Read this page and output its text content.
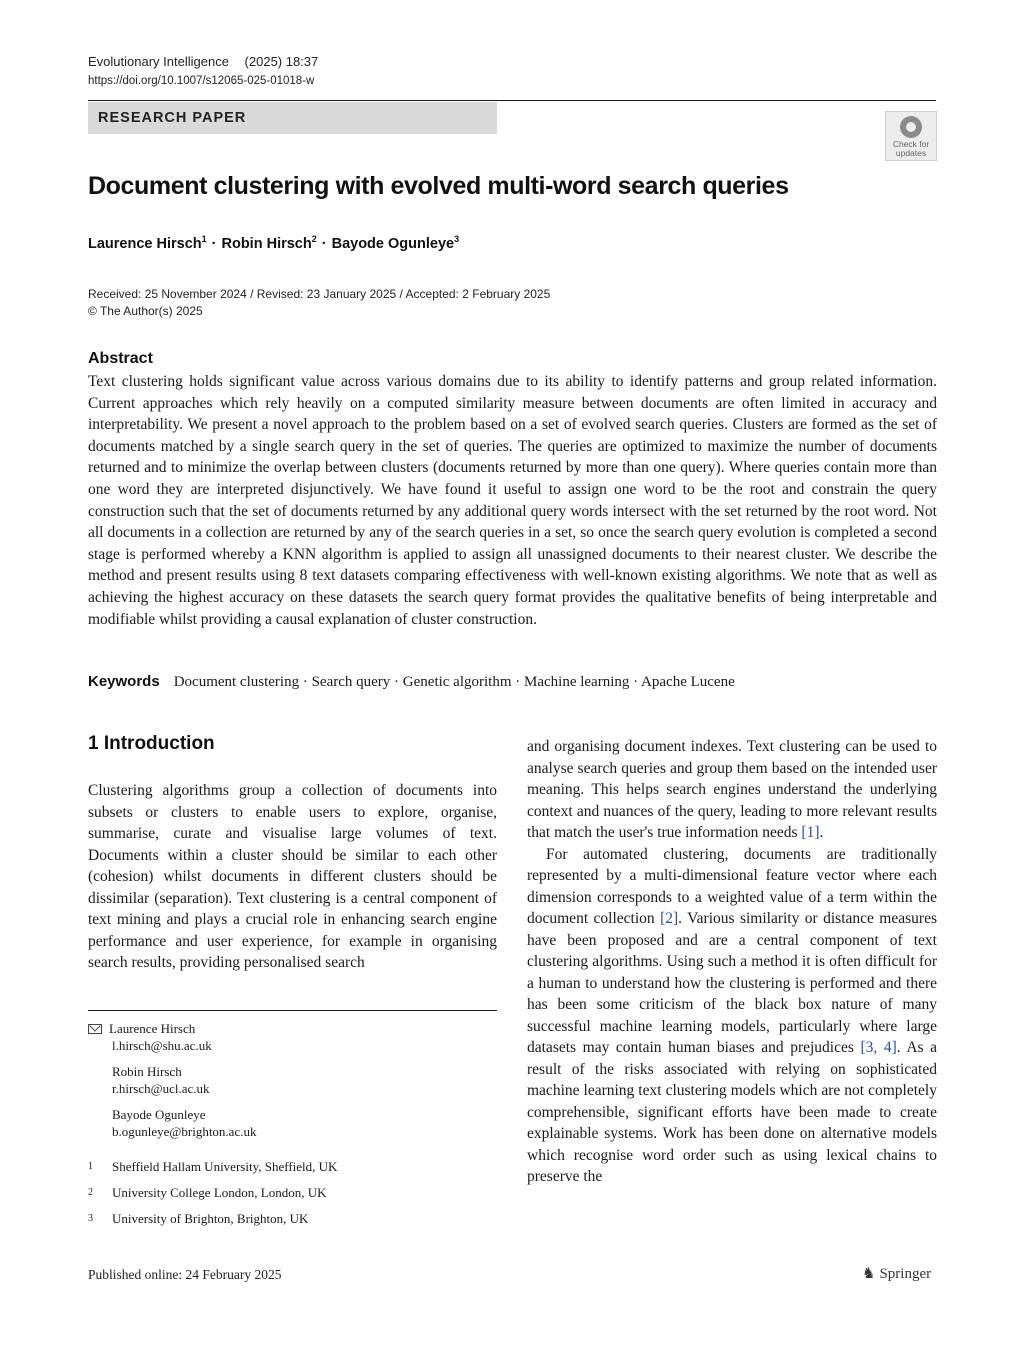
Evolutionary Intelligence (2025) 18:37
https://doi.org/10.1007/s12065-025-01018-w
RESEARCH PAPER
Check for updates
Document clustering with evolved multi-word search queries
Laurence Hirsch$^1$ · Robin Hirsch$^2$ · Bayode Ogunleye$^3$
Received: 25 November 2024 / Revised: 23 January 2025 / Accepted: 2 February 2025
© The Author(s) 2025
Abstract

Text clustering holds significant value across various domains due to its ability to identify patterns and group related information. Current approaches which rely heavily on a computed similarity measure between documents are often limited in accuracy and interpretability. We present a novel approach to the problem based on a set of evolved search queries. Clusters are formed as the set of documents matched by a single search query in the set of queries. The queries are optimized to maximize the number of documents returned and to minimize the overlap between clusters (documents returned by more than one query). Where queries contain more than one word they are interpreted disjunctively. We have found it useful to assign one word to be the root and constrain the query construction such that the set of documents returned by any additional query words intersect with the set returned by the root word. Not all documents in a collection are returned by any of the search queries in a set, so once the search query evolution is completed a second stage is performed whereby a KNN algorithm is applied to assign all unassigned documents to their nearest cluster. We describe the method and present results using 8 text datasets comparing effectiveness with well-known existing algorithms. We note that as well as achieving the highest accuracy on these datasets the search query format provides the qualitative benefits of being interpretable and modifiable whilst providing a causal explanation of cluster construction.

Keywords Document clustering · Search query · Genetic algorithm · Machine learning · Apache Lucene
1 Introduction

Clustering algorithms group a collection of documents into subsets or clusters to enable users to explore, organise, summarise, curate and visualise large volumes of text. Documents within a cluster should be similar to each other (cohesion) whilst documents in different clusters should be dissimilar (separation). Text clustering is a central component of text mining and plays a crucial role in enhancing search engine performance and user experience, for example in organising search results, providing personalised search

and organising document indexes. Text clustering can be used to analyse search queries and group them based on the intended user meaning. This helps search engines understand the underlying context and nuances of the query, leading to more relevant results that match the user's true information needs [1].

For automated clustering, documents are traditionally represented by a multi-dimensional feature vector where each dimension corresponds to a weighted value of a term within the document collection [2]. Various similarity or distance measures have been proposed and are a central component of text clustering algorithms. Using such a method it is often difficult for a human to understand how the clustering is performed and there has been some criticism of the black box nature of many successful machine learning models, particularly where large datasets may contain human biases and prejudices [3, 4]. As a result of the risks associated with relying on sophisticated machine learning text clustering models which are not completely comprehensible, significant efforts have been made to create explainable systems. Work has been done on alternative models which recognise word order such as using lexical chains to preserve the

Laurence Hirsch
l.hirsch@shu.ac.uk
Robin Hirsch
r.hirsch@ucl.ac.uk
Bayode Ogunleye
b.ogunleye@brighton.ac.uk
1 Sheffield Hallam University, Sheffield, UK
2 University College London, London, UK
3 University of Brighton, Brighton, UK
Published online: 24 February 2025	♞ Springer
